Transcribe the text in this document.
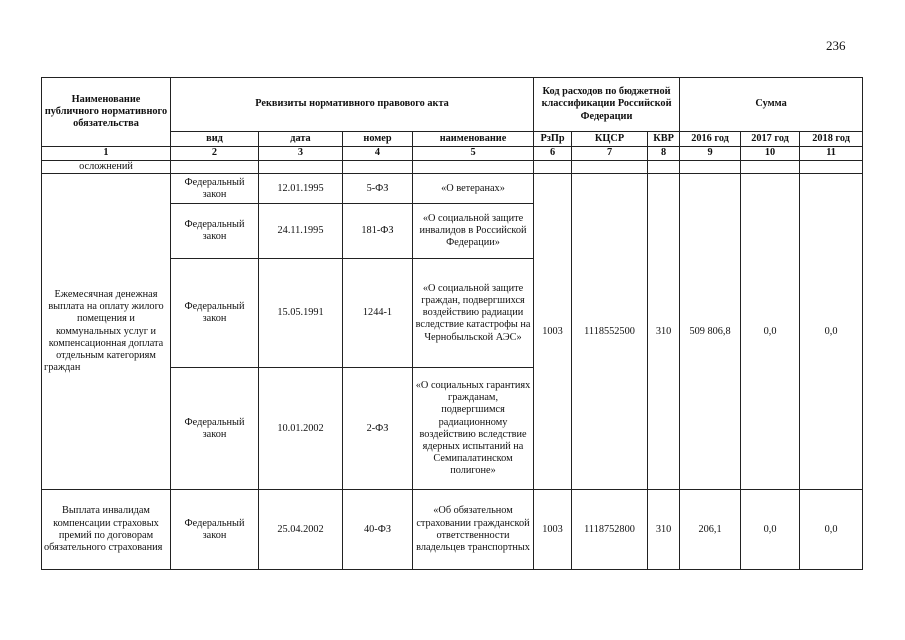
236
Наименование публичного нормативного обязательства	Реквизиты нормативного правового акта				Код расходов по бюджетной классификации Российской Федерации			Сумма		
	вид	дата	номер	наименование	РзПр	КЦСР	КВР	2016 год	2017 год	2018 год
1	2	3	4	5	6	7	8	9	10	11
осложнений										
Ежемесячная денежная выплата на оплату жилого помещения и коммунальных услуг и компенсационная доплата отдельным категориям граждан	Федеральный закон	12.01.1995	5-ФЗ	«О ветеранах»	1003	1118552500	310	509 806,8	0,0	0,0
	Федеральный закон	24.11.1995	181-ФЗ	«О социальной защите инвалидов в Российской Федерации»						
	Федеральный закон	15.05.1991	1244-1	«О социальной защите граждан, подвергшихся воздействию радиации вследствие катастрофы на Чернобыльской АЭС»						
	Федеральный закон	10.01.2002	2-ФЗ	«О социальных гарантиях гражданам, подвергшимся радиационному воздействию вследствие ядерных испытаний на Семипалатинском полигоне»						
Выплата инвалидам компенсации страховых премий по договорам обязательного страхования	Федеральный закон	25.04.2002	40-ФЗ	«Об обязательном страховании гражданской ответственности владельцев транспортных	1003	1118752800	310	206,1	0,0	0,0
